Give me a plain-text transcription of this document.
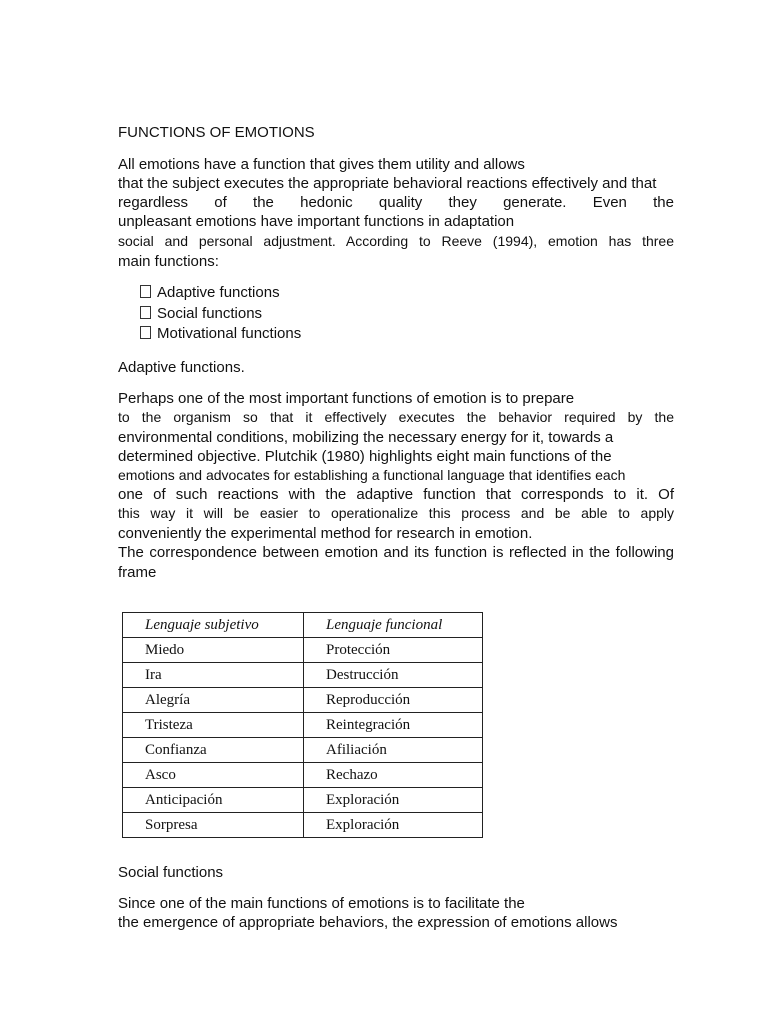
FUNCTIONS OF EMOTIONS
All emotions have a function that gives them utility and allows
that the subject executes the appropriate behavioral reactions effectively and that
regardless of the hedonic quality they generate. Even the
unpleasant emotions have important functions in adaptation
social and personal adjustment. According to Reeve (1994), emotion has three
main functions:
Adaptive functions
Social functions
Motivational functions
Adaptive functions.
Perhaps one of the most important functions of emotion is to prepare
to the organism so that it effectively executes the behavior required by the
environmental conditions, mobilizing the necessary energy for it, towards a
determined objective. Plutchik (1980) highlights eight main functions of the
emotions and advocates for establishing a functional language that identifies each
one of such reactions with the adaptive function that corresponds to it. Of
this way it will be easier to operationalize this process and be able to apply
conveniently the experimental method for research in emotion.
The correspondence between emotion and its function is reflected in the following
frame
Lenguaje subjetivo	Lenguaje funcional
Miedo	Protección
Ira	Destrucción
Alegría	Reproducción
Tristeza	Reintegración
Confianza	Afiliación
Asco	Rechazo
Anticipación	Exploración
Sorpresa	Exploración
Social functions
Since one of the main functions of emotions is to facilitate the
the emergence of appropriate behaviors, the expression of emotions allows
